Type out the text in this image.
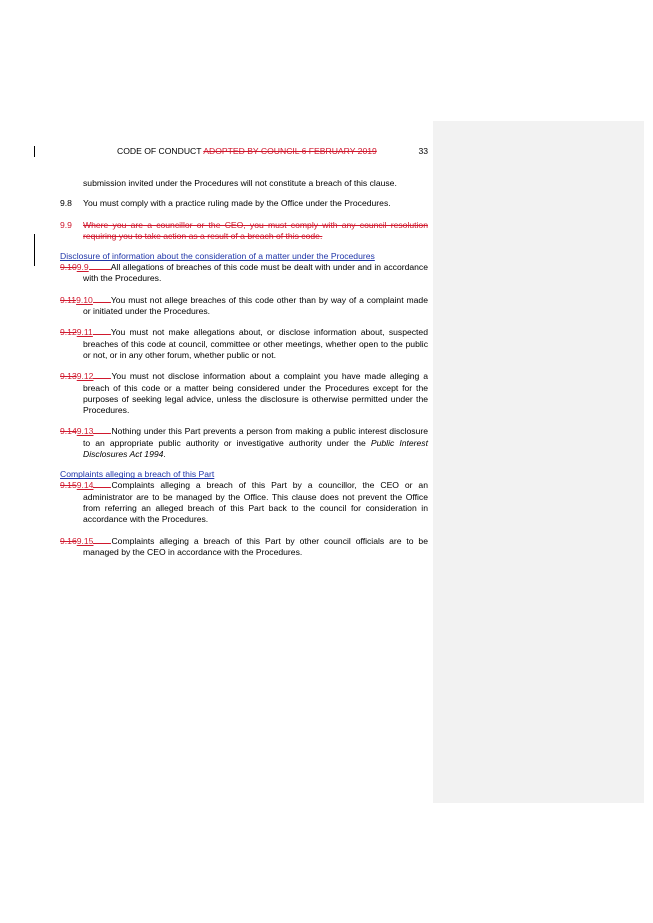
CODE OF CONDUCT ADOPTED BY COUNCIL 6 FEBRUARY 2019	33

submission invited under the Procedures will not constitute a breach of this clause.

9.8 You must comply with a practice ruling made by the Office under the Procedures.

9.9 Where you are a councillor or the CEO, you must comply with any council resolution requiring you to take action as a result of a breach of this code.

Disclosure of information about the consideration of a matter under the Procedures

9.109.9	All allegations of breaches of this code must be dealt with under and in accordance with the Procedures.

9.119.10 You must not allege breaches of this code other than by way of a complaint made or initiated under the Procedures.

9.129.11 You must not make allegations about, or disclose information about, suspected breaches of this code at council, committee or other meetings, whether open to the public or not, or in any other forum, whether public or not.

9.139.12 You must not disclose information about a complaint you have made alleging a breach of this code or a matter being considered under the Procedures except for the purposes of seeking legal advice, unless the disclosure is otherwise permitted under the Procedures.

9.149.13 Nothing under this Part prevents a person from making a public interest disclosure to an appropriate public authority or investigative authority under the Public Interest Disclosures Act 1994.

Complaints alleging a breach of this Part

9.159.14 Complaints alleging a breach of this Part by a councillor, the CEO or an administrator are to be managed by the Office. This clause does not prevent the Office from referring an alleged breach of this Part back to the council for consideration in accordance with the Procedures.

9.169.15 Complaints alleging a breach of this Part by other council officials are to be managed by the CEO in accordance with the Procedures.
